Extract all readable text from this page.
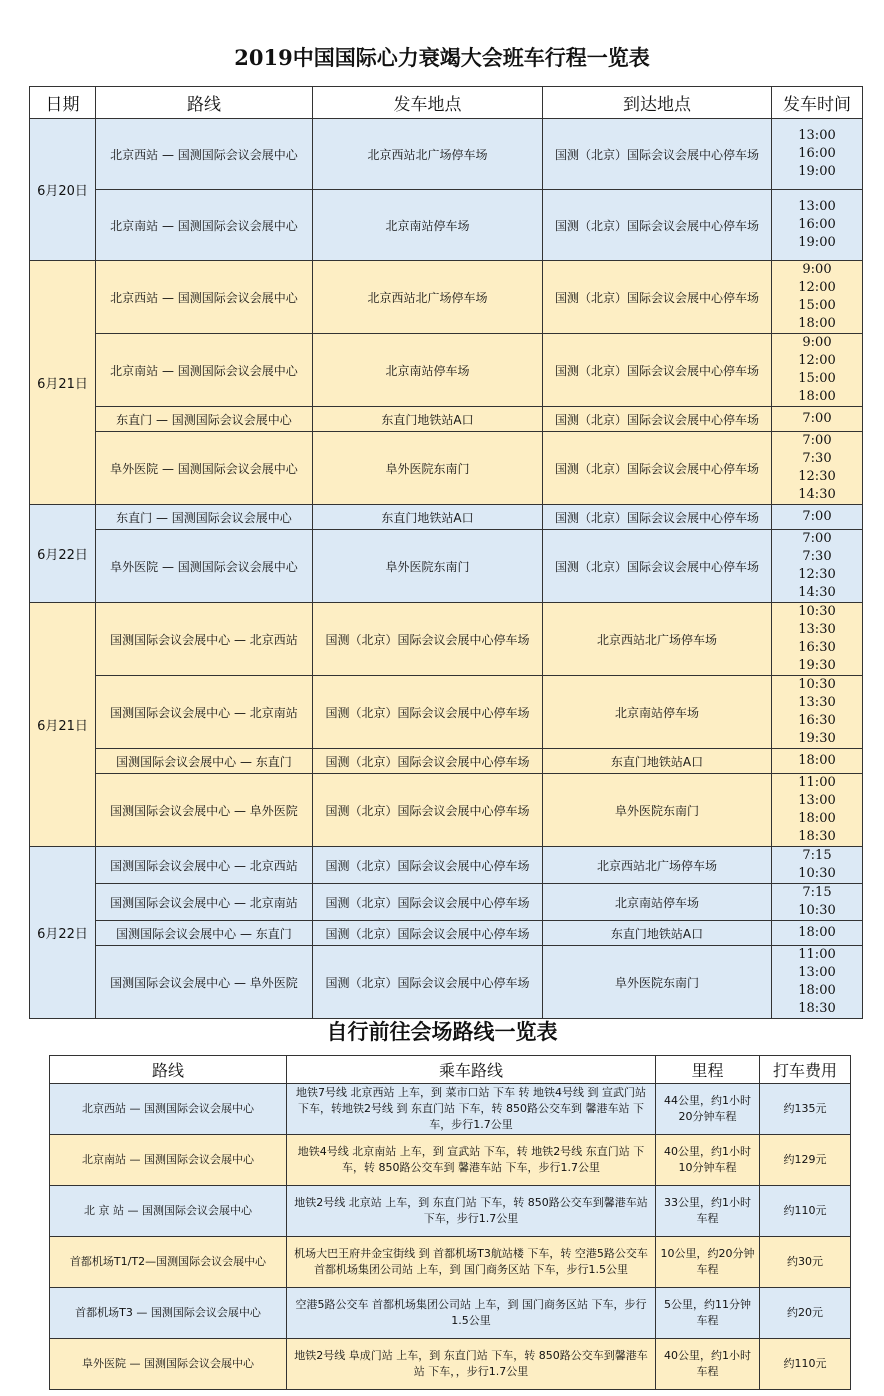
2019中国国际心力衰竭大会班车行程一览表
日期	路线	发车地点	到达地点	发车时间
6月20日	北京西站 — 国测国际会议会展中心	北京西站北广场停车场	国测（北京）国际会议会展中心停车场	13:00
16:00
19:00

	北京南站 — 国测国际会议会展中心	北京南站停车场	国测（北京）国际会议会展中心停车场	13:00
16:00
19:00

6月21日	北京西站 — 国测国际会议会展中心	北京西站北广场停车场	国测（北京）国际会议会展中心停车场	9:00
12:00
15:00
18:00

	北京南站 — 国测国际会议会展中心	北京南站停车场	国测（北京）国际会议会展中心停车场	9:00
12:00
15:00
18:00

	东直门 — 国测国际会议会展中心	东直门地铁站A口	国测（北京）国际会议会展中心停车场	7:00

	阜外医院 — 国测国际会议会展中心	阜外医院东南门	国测（北京）国际会议会展中心停车场	7:00
7:30
12:30
14:30

6月22日	东直门 — 国测国际会议会展中心	东直门地铁站A口	国测（北京）国际会议会展中心停车场	7:00

	阜外医院 — 国测国际会议会展中心	阜外医院东南门	国测（北京）国际会议会展中心停车场	7:00
7:30
12:30
14:30

6月21日	国测国际会议会展中心 — 北京西站	国测（北京）国际会议会展中心停车场	北京西站北广场停车场	10:30
13:30
16:30
19:30

	国测国际会议会展中心 — 北京南站	国测（北京）国际会议会展中心停车场	北京南站停车场	10:30
13:30
16:30
19:30

	国测国际会议会展中心 — 东直门	国测（北京）国际会议会展中心停车场	东直门地铁站A口	18:00

	国测国际会议会展中心 — 阜外医院	国测（北京）国际会议会展中心停车场	阜外医院东南门	11:00
13:00
18:00
18:30

6月22日	国测国际会议会展中心 — 北京西站	国测（北京）国际会议会展中心停车场	北京西站北广场停车场	7:15
10:30

	国测国际会议会展中心 — 北京南站	国测（北京）国际会议会展中心停车场	北京南站停车场	7:15
10:30

	国测国际会议会展中心 — 东直门	国测（北京）国际会议会展中心停车场	东直门地铁站A口	18:00

	国测国际会议会展中心 — 阜外医院	国测（北京）国际会议会展中心停车场	阜外医院东南门	11:00
13:00
18:00
18:30
自行前往会场路线一览表
路线	乘车路线	里程	打车费用
北京西站 — 国测国际会议会展中心	地铁7号线 北京西站 上车，到 菜市口站 下车 转 地铁4号线 到 宣武门站 下车，转地铁2号线 到 东直门站 下车，转 850路公交车到 馨港车站 下车，步行1.7公里	44公里，约1小时20分钟车程	约135元
北京南站 — 国测国际会议会展中心	地铁4号线 北京南站 上车，到 宣武站 下车，转 地铁2号线 东直门站 下车，转 850路公交车到 馨港车站 下车，步行1.7公里	40公里，约1小时10分钟车程	约129元
北 京 站 — 国测国际会议会展中心	地铁2号线 北京站 上车，到 东直门站 下车，转 850路公交车到馨港车站 下车，步行1.7公里	33公里，约1小时车程	约110元
首都机场T1/T2—国测国际会议会展中心	机场大巴王府井金宝街线 到 首都机场T3航站楼 下车，转 空港5路公交车 首都机场集团公司站 上车，到 国门商务区站 下车，步行1.5公里	10公里，约20分钟车程	约30元
首都机场T3 — 国测国际会议会展中心	空港5路公交车 首都机场集团公司站 上车，到 国门商务区站 下车，步行1.5公里	5公里，约11分钟车程	约20元
阜外医院 — 国测国际会议会展中心	地铁2号线 阜成门站 上车，到 东直门站 下车，转 850路公交车到馨港车站 下车，，步行1.7公里	40公里，约1小时车程	约110元
